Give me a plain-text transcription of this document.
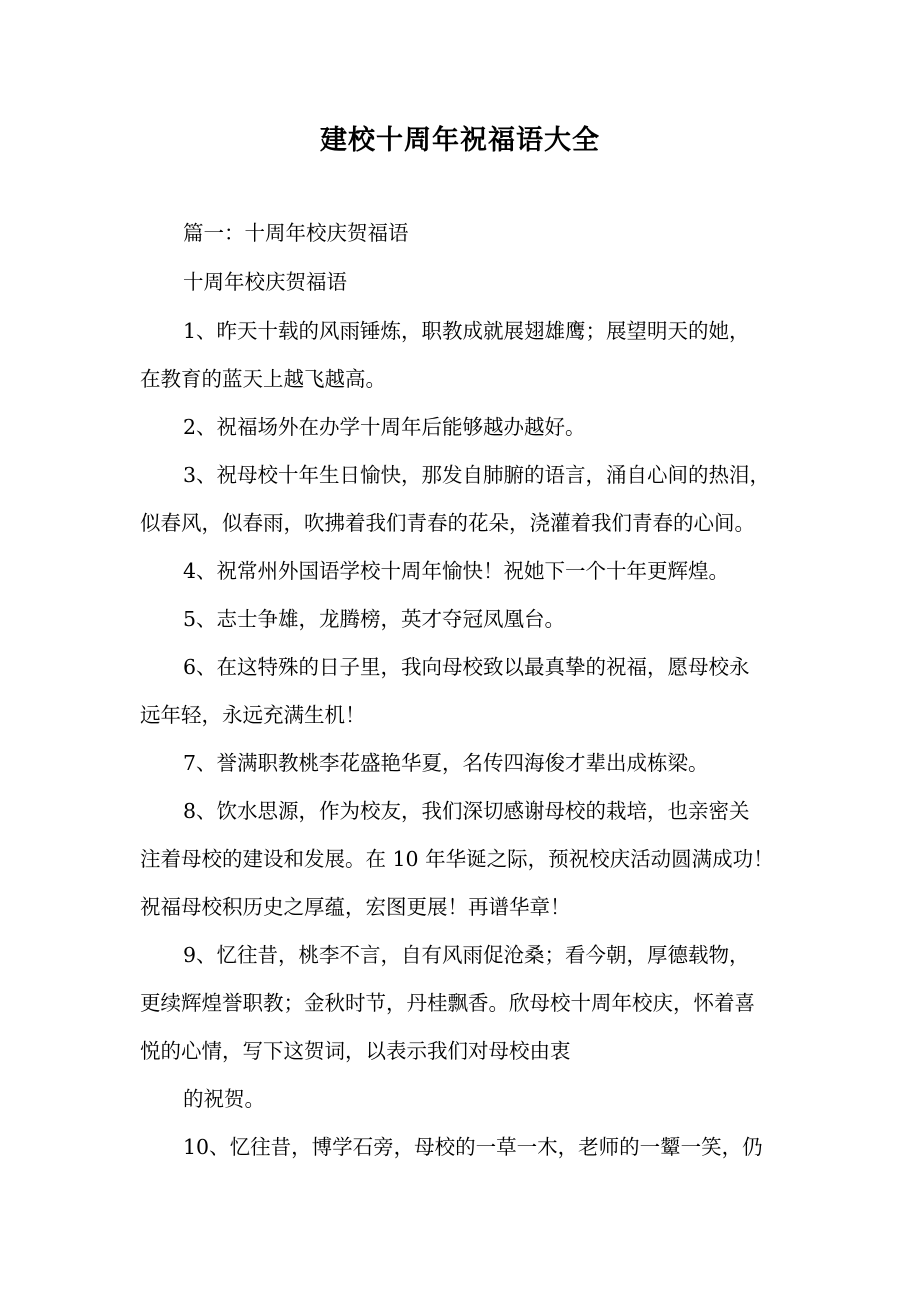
建校十周年祝福语大全
篇一：十周年校庆贺福语
十周年校庆贺福语
1、昨天十载的风雨锤炼，职教成就展翅雄鹰；展望明天的她，
在教育的蓝天上越飞越高。
2、祝福场外在办学十周年后能够越办越好。
3、祝母校十年生日愉快，那发自肺腑的语言，涌自心间的热泪，
似春风，似春雨，吹拂着我们青春的花朵，浇灌着我们青春的心间。
4、祝常州外国语学校十周年愉快！祝她下一个十年更辉煌。
5、志士争雄，龙腾榜，英才夺冠凤凰台。
6、在这特殊的日子里，我向母校致以最真挚的祝福，愿母校永
远年轻，永远充满生机！
7、誉满职教桃李花盛艳华夏，名传四海俊才辈出成栋梁。
8、饮水思源，作为校友，我们深切感谢母校的栽培，也亲密关
注着母校的建设和发展。在 10 年华诞之际，预祝校庆活动圆满成功！
祝福母校积历史之厚蕴，宏图更展！再谱华章！
9、忆往昔，桃李不言，自有风雨促沧桑；看今朝，厚德载物，
更续辉煌誉职教；金秋时节，丹桂飘香。欣母校十周年校庆，怀着喜
悦的心情，写下这贺词，以表示我们对母校由衷
的祝贺。
10、忆往昔，博学石旁，母校的一草一木，老师的一颦一笑，仍
